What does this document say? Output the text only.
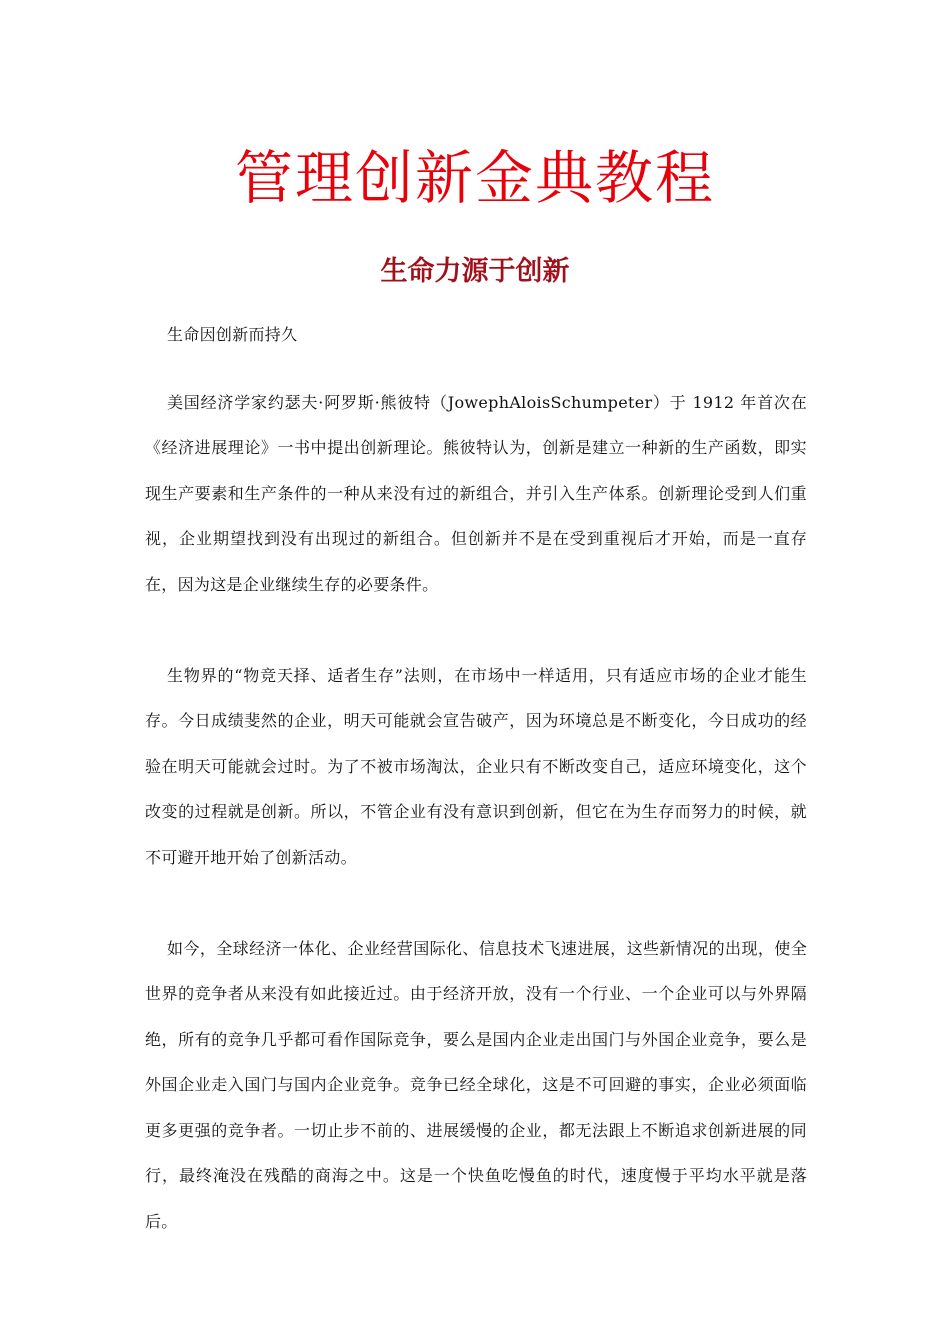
管理创新金典教程
生命力源于创新

生命因创新而持久

美国经济学家约瑟夫·阿罗斯·熊彼特（JowephAloisSchumpeter）于 1912 年首次在《经济进展理论》一书中提出创新理论。熊彼特认为，创新是建立一种新的生产函数，即实现生产要素和生产条件的一种从来没有过的新组合，并引入生产体系。创新理论受到人们重视，企业期望找到没有出现过的新组合。但创新并不是在受到重视后才开始，而是一直存在，因为这是企业继续生存的必要条件。

生物界的“物竞天择、适者生存”法则，在市场中一样适用，只有适应市场的企业才能生存。今日成绩斐然的企业，明天可能就会宣告破产，因为环境总是不断变化，今日成功的经验在明天可能就会过时。为了不被市场淘汰，企业只有不断改变自己，适应环境变化，这个改变的过程就是创新。所以，不管企业有没有意识到创新，但它在为生存而努力的时候，就不可避开地开始了创新活动。

如今，全球经济一体化、企业经营国际化、信息技术飞速进展，这些新情况的出现，使全世界的竞争者从来没有如此接近过。由于经济开放，没有一个行业、一个企业可以与外界隔绝，所有的竞争几乎都可看作国际竞争，要么是国内企业走出国门与外国企业竞争，要么是外国企业走入国门与国内企业竞争。竞争已经全球化，这是不可回避的事实，企业必须面临更多更强的竞争者。一切止步不前的、进展缓慢的企业，都无法跟上不断追求创新进展的同行，最终淹没在残酷的商海之中。这是一个快鱼吃慢鱼的时代，速度慢于平均水平就是落后。
